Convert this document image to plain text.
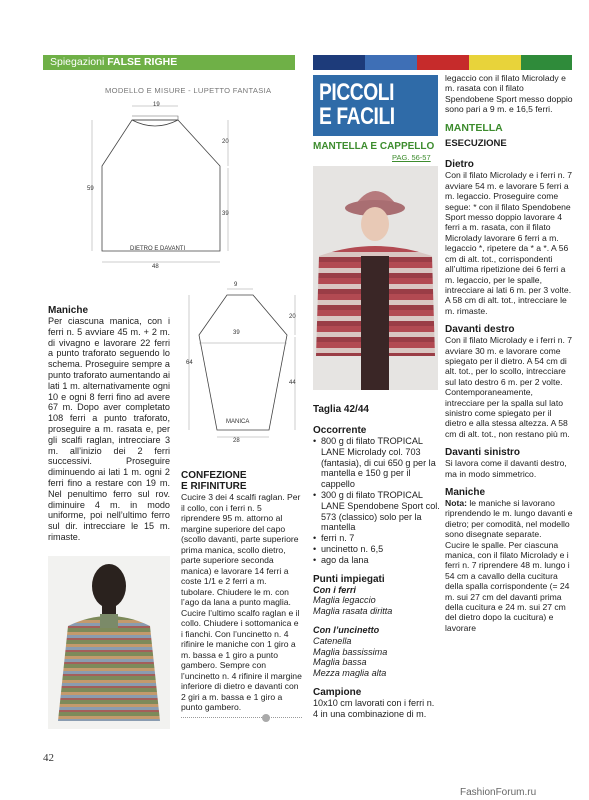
Spiegazioni FALSE RIGHE
MODELLO E MISURE - LUPETTO FANTASIA
19
20
59
39
48
DIETRO E DAVANTI
9
39
20
64
44
28
MANICA
Maniche

Per ciascuna manica, con i ferri n. 5 avviare 45 m. + 2 m. di vivagno e lavorare 22 ferri a punto traforato seguendo lo schema. Proseguire sempre a punto traforato aumentando ai lati 1 m. alternativamente ogni 10 e ogni 8 ferri fino ad avere 67 m. Dopo aver completato 108 ferri a punto traforato, proseguire a m. rasata e, per gli scalfi raglan, intrecciare 3 m. all’inizio dei 2 ferri successivi. Proseguire diminuendo ai lati 1 m. ogni 2 ferri fino a restare con 19 m. Nel penultimo ferro sul rov. diminuire 4 m. in modo uniforme, poi nell’ultimo ferro sul dir. intrecciare le 15 m. rimaste.

CONFEZIONE
E RIFINITURE

Cucire 3 dei 4 scalfi raglan. Per il collo, con i ferri n. 5 riprendere 95 m. attorno al margine superiore del capo (scollo davanti, parte superiore prima manica, scollo dietro, parte superiore seconda manica) e lavorare 14 ferri a coste 1/1 e 2 ferri a m. tubolare. Chiudere le m. con l’ago da lana a punto maglia. Cucire l’ultimo scalfo raglan e il collo. Chiudere i sottomanica e i fianchi. Con l’uncinetto n. 4 rifinire le maniche con 1 giro a m. bassa e 1 giro a punto gambero. Sempre con l’uncinetto n. 4 rifinire il margine inferiore di dietro e davanti con 2 giri a m. bassa e 1 giro a punto gambero.

PICCOLI
E FACILI
MANTELLA E CAPPELLO
PAG. 56-57
Taglia 42/44
Occorrente
• 800 g di filato TROPICAL LANE Microlady col. 703 (fantasia), di cui 650 g per la mantella e 150 g per il cappello
• 300 g di filato TROPICAL LANE Spendobene Sport col. 573 (classico) solo per la mantella
• ferri n. 7
• uncinetto n. 6,5
• ago da lana
Punti impiegati
Con i ferri
Maglia legaccio
Maglia rasata diritta
Con l’uncinetto
Catenella
Maglia bassissima
Maglia bassa
Mezza maglia alta
Campione

10x10 cm lavorati con i ferri n. 4 in una combinazione di m.

legaccio con il filato Microlady e m. rasata con il filato Spendobene Sport messo doppio sono pari a 9 m. e 16,5 ferri.

MANTELLA
ESECUZIONE
Dietro

Con il filato Microlady e i ferri n. 7 avviare 54 m. e lavorare 5 ferri a m. legaccio. Proseguire come segue: * con il filato Spendobene Sport messo doppio lavorare 4 ferri a m. rasata, con il filato Microlady lavorare 6 ferri a m. legaccio *, ripetere da * a *. A 56 cm di alt. tot., corrispondenti all’ultima ripetizione dei 6 ferri a m. legaccio, per le spalle, intrecciare ai lati 6 m. per 3 volte. A 58 cm di alt. tot., intrecciare le m. rimaste.

Davanti destro

Con il filato Microlady e i ferri n. 7 avviare 30 m. e lavorare come spiegato per il dietro. A 54 cm di alt. tot., per lo scollo, intrecciare sul lato destro 6 m. per 2 volte. Contemporaneamente, intrecciare per la spalla sul lato sinistro come spiegato per il dietro e alla stessa altezza. A 58 cm di alt. tot., non restano più m.

Davanti sinistro

Si lavora come il davanti destro, ma in modo simmetrico.

Maniche

Nota: le maniche si lavorano riprendendo le m. lungo davanti e dietro; per comodità, nel modello sono disegnate separate.

Cucire le spalle. Per ciascuna manica, con il filato Microlady e i ferri n. 7 riprendere 48 m. lungo i 54 cm a cavallo della cucitura della spalla corrispondente (= 24 m. sui 27 cm del davanti prima della cucitura e 24 m. sui 27 cm del dietro dopo la cucitura) e lavorare

42
FashionForum.ru
